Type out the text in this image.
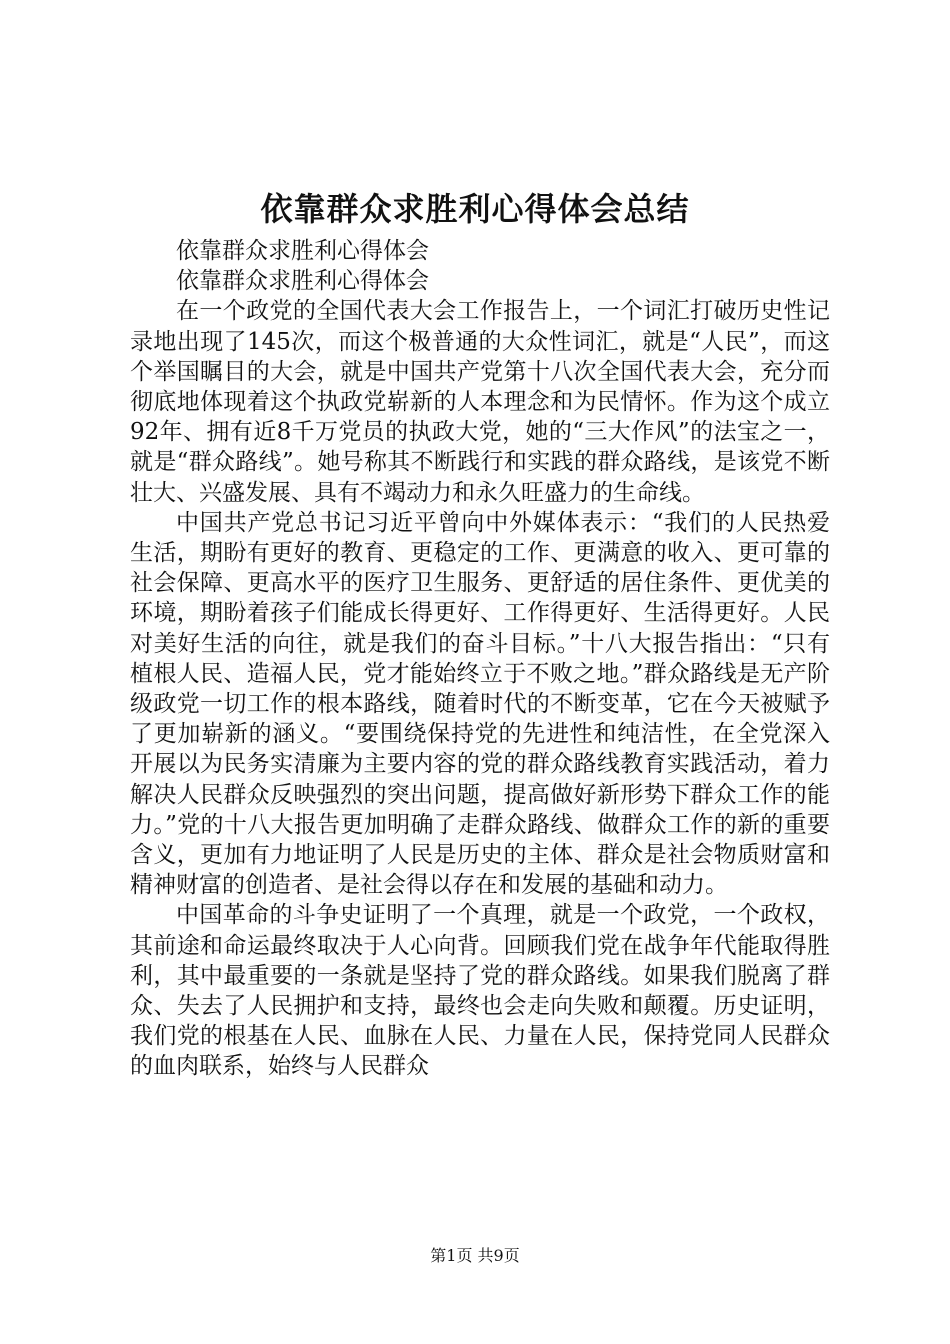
依靠群众求胜利心得体会总结

依靠群众求胜利心得体会

依靠群众求胜利心得体会

在一个政党的全国代表大会工作报告上，一个词汇打破历史性记录地出现了145次，而这个极普通的大众性词汇，就是“人民”，而这个举国瞩目的大会，就是中国共产党第十八次全国代表大会，充分而彻底地体现着这个执政党崭新的人本理念和为民情怀。作为这个成立92年、拥有近8千万党员的执政大党，她的“三大作风”的法宝之一，就是“群众路线”。她号称其不断践行和实践的群众路线，是该党不断壮大、兴盛发展、具有不竭动力和永久旺盛力的生命线。

中国共产党总书记习近平曾向中外媒体表示：“我们的人民热爱生活，期盼有更好的教育、更稳定的工作、更满意的收入、更可靠的社会保障、更高水平的医疗卫生服务、更舒适的居住条件、更优美的环境，期盼着孩子们能成长得更好、工作得更好、生活得更好。人民对美好生活的向往，就是我们的奋斗目标。”十八大报告指出：“只有植根人民、造福人民，党才能始终立于不败之地。”群众路线是无产阶级政党一切工作的根本路线，随着时代的不断变革，它在今天被赋予了更加崭新的涵义。“要围绕保持党的先进性和纯洁性，在全党深入开展以为民务实清廉为主要内容的党的群众路线教育实践活动，着力解决人民群众反映强烈的突出问题，提高做好新形势下群众工作的能力。”党的十八大报告更加明确了走群众路线、做群众工作的新的重要含义，更加有力地证明了人民是历史的主体、群众是社会物质财富和精神财富的创造者、是社会得以存在和发展的基础和动力。

中国革命的斗争史证明了一个真理，就是一个政党，一个政权，其前途和命运最终取决于人心向背。回顾我们党在战争年代能取得胜利，其中最重要的一条就是坚持了党的群众路线。如果我们脱离了群众、失去了人民拥护和支持，最终也会走向失败和颠覆。历史证明，我们党的根基在人民、血脉在人民、力量在人民，保持党同人民群众的血肉联系，始终与人民群众

第1页 共9页
